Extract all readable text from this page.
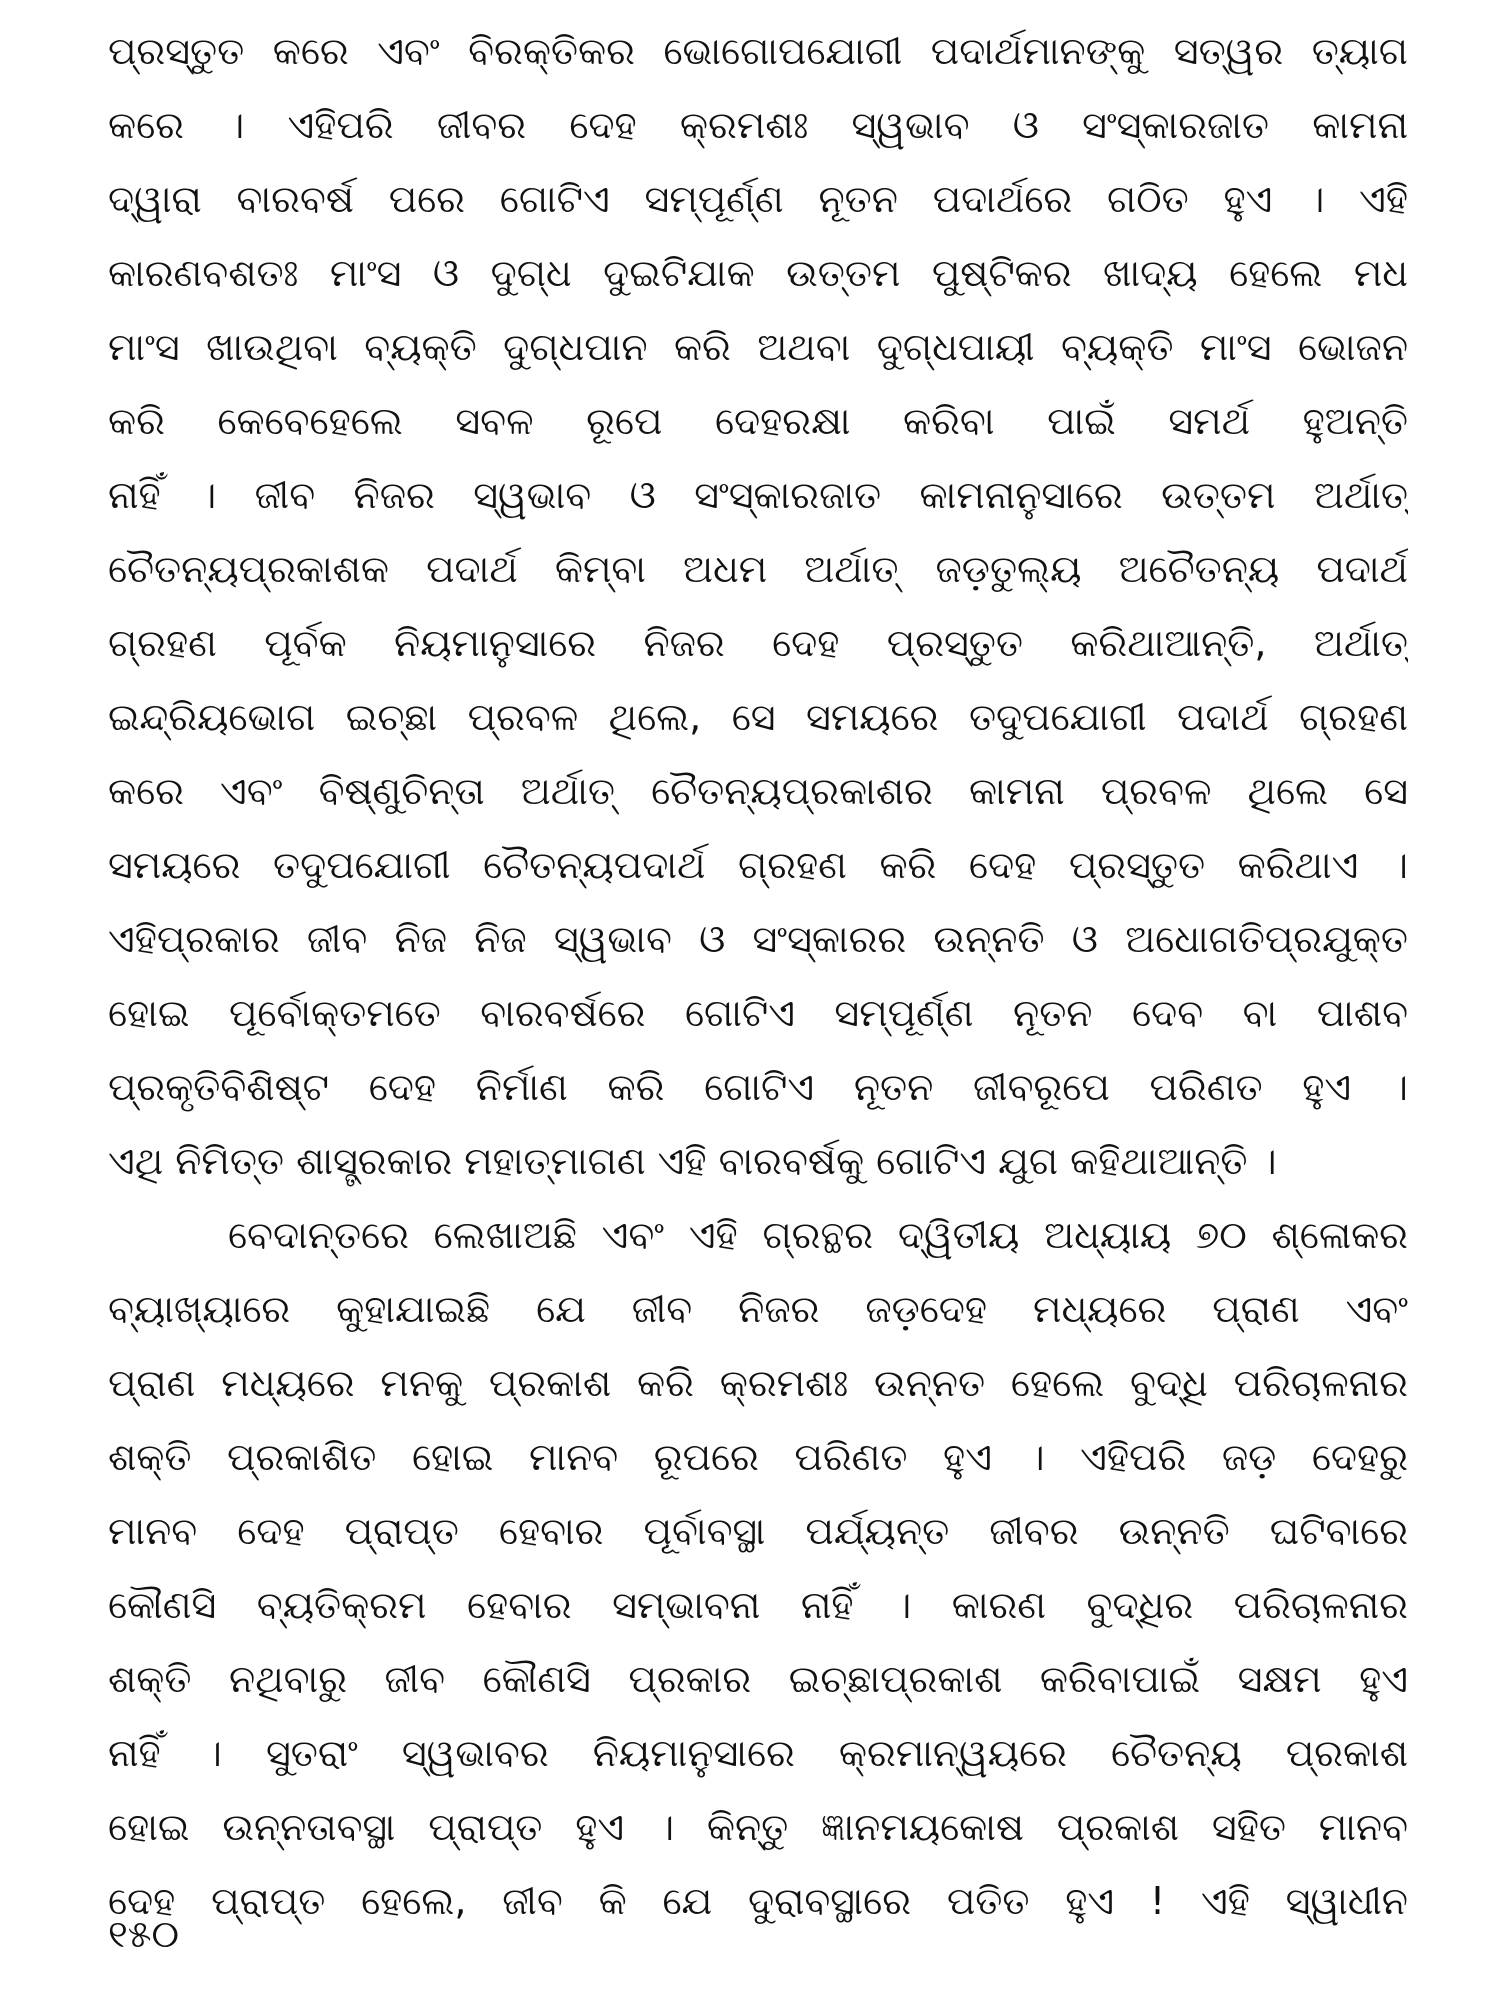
ପ୍ରସ୍ତୁତ କରେ ଏବଂ ବିରକ୍ତିକର ଭୋଗୋପଯୋଗୀ ପଦାର୍ଥମାନଙ୍କୁ ସତ୍ୱର ତ୍ୟାଗ
କରେ । ଏହିପରି ଜୀବର ଦେହ କ୍ରମଶଃ ସ୍ୱଭାବ ଓ ସଂସ୍କାରଜାତ କାମନା
ଦ୍ୱାରା ବାରବର୍ଷ ପରେ ଗୋଟିଏ ସମ୍ପୂର୍ଣ୍ଣ ନୂତନ ପଦାର୍ଥରେ ଗଠିତ ହୁଏ । ଏହି
କାରଣବଶତଃ ମାଂସ ଓ ଦୁଗ୍ଧ ଦୁଇଟିଯାକ ଉତ୍ତମ ପୁଷ୍ଟିକର ଖାଦ୍ୟ ହେଲେ ମଧ
ମାଂସ ଖାଉଥିବା ବ୍ୟକ୍ତି ଦୁଗ୍ଧପାନ କରି ଅଥବା ଦୁଗ୍ଧପାୟୀ ବ୍ୟକ୍ତି ମାଂସ ଭୋଜନ
କରି କେବେହେଲେ ସବଳ ରୂପେ ଦେହରକ୍ଷା କରିବା ପାଇଁ ସମର୍ଥ ହୁଅନ୍ତି
ନାହିଁ । ଜୀବ ନିଜର ସ୍ୱଭାବ ଓ ସଂସ୍କାରଜାତ କାମନାନୁସାରେ ଉତ୍ତମ ଅର୍ଥାତ୍
ଚୈତନ୍ୟପ୍ରକାଶକ ପଦାର୍ଥ କିମ୍ବା ଅଧମ ଅର୍ଥାତ୍ ଜଡ଼ତୁଲ୍ୟ ଅଚୈତନ୍ୟ ପଦାର୍ଥ
ଗ୍ରହଣ ପୂର୍ବକ ନିୟମାନୁସାରେ ନିଜର ଦେହ ପ୍ରସ୍ତୁତ କରିଥାଆନ୍ତି, ଅର୍ଥାତ୍
ଇନ୍ଦ୍ରିୟଭୋଗ ଇଚ୍ଛା ପ୍ରବଳ ଥିଲେ, ସେ ସମୟରେ ତଦୁପଯୋଗୀ ପଦାର୍ଥ ଗ୍ରହଣ
କରେ ଏବଂ ବିଷ୍ଣୁଚିନ୍ତା ଅର୍ଥାତ୍ ଚୈତନ୍ୟପ୍ରକାଶର କାମନା ପ୍ରବଳ ଥିଲେ ସେ
ସମୟରେ ତଦୁପଯୋଗୀ ଚୈତନ୍ୟପଦାର୍ଥ ଗ୍ରହଣ କରି ଦେହ ପ୍ରସ୍ତୁତ କରିଥାଏ ।
ଏହିପ୍ରକାର ଜୀବ ନିଜ ନିଜ ସ୍ୱଭାବ ଓ ସଂସ୍କାରର ଉନ୍ନତି ଓ ଅଧୋଗତିପ୍ରଯୁକ୍ତ
ହୋଇ ପୂର୍ବୋକ୍ତମତେ ବାରବର୍ଷରେ ଗୋଟିଏ ସମ୍ପୂର୍ଣ୍ଣ ନୂତନ ଦେବ ବା ପାଶବ
ପ୍ରକୃତିବିଶିଷ୍ଟ ଦେହ ନିର୍ମାଣ କରି ଗୋଟିଏ ନୂତନ ଜୀବରୂପେ ପରିଣତ ହୁଏ ।
ଏଥି ନିମିତ୍ତ ଶାସ୍ତ୍ରକାର ମହାତ୍ମାଗଣ ଏହି ବାରବର୍ଷକୁ ଗୋଟିଏ ଯୁଗ କହିଥାଆନ୍ତି ।
ବେଦାନ୍ତରେ ଲେଖାଅଛି ଏବଂ ଏହି ଗ୍ରନ୍ଥର ଦ୍ୱିତୀୟ ଅଧ୍ୟାୟ ୭୦ ଶ୍ଳୋକର
ବ୍ୟାଖ୍ୟାରେ କୁହାଯାଇଛି ଯେ ଜୀବ ନିଜର ଜଡ଼ଦେହ ମଧ୍ୟରେ ପ୍ରାଣ ଏବଂ
ପ୍ରାଣ ମଧ୍ୟରେ ମନକୁ ପ୍ରକାଶ କରି କ୍ରମଶଃ ଉନ୍ନତ ହେଲେ ବୁଦ୍ଧି ପରିଚାଳନାର
ଶକ୍ତି ପ୍ରକାଶିତ ହୋଇ ମାନବ ରୂପରେ ପରିଣତ ହୁଏ । ଏହିପରି ଜଡ଼ ଦେହରୁ
ମାନବ ଦେହ ପ୍ରାପ୍ତ ହେବାର ପୂର୍ବାବସ୍ଥା ପର୍ଯ୍ୟନ୍ତ ଜୀବର ଉନ୍ନତି ଘଟିବାରେ
କୌଣସି ବ୍ୟତିକ୍ରମ ହେବାର ସମ୍ଭାବନା ନାହିଁ । କାରଣ ବୁଦ୍ଧିର ପରିଚାଳନାର
ଶକ୍ତି ନଥିବାରୁ ଜୀବ କୌଣସି ପ୍ରକାର ଇଚ୍ଛାପ୍ରକାଶ କରିବାପାଇଁ ସକ୍ଷମ ହୁଏ
ନାହିଁ । ସୁତରାଂ ସ୍ୱଭାବର ନିୟମାନୁସାରେ କ୍ରମାନ୍ୱୟରେ ଚୈତନ୍ୟ ପ୍ରକାଶ
ହୋଇ ଉନ୍ନତାବସ୍ଥା ପ୍ରାପ୍ତ ହୁଏ । କିନ୍ତୁ ଜ୍ଞାନମୟକୋଷ ପ୍ରକାଶ ସହିତ ମାନବ
ଦେହ ପ୍ରାପ୍ତ ହେଲେ, ଜୀବ କି ଯେ ଦୁରାବସ୍ଥାରେ ପତିତ ହୁଏ ! ଏହି ସ୍ୱାଧୀନ
୧୫୦
